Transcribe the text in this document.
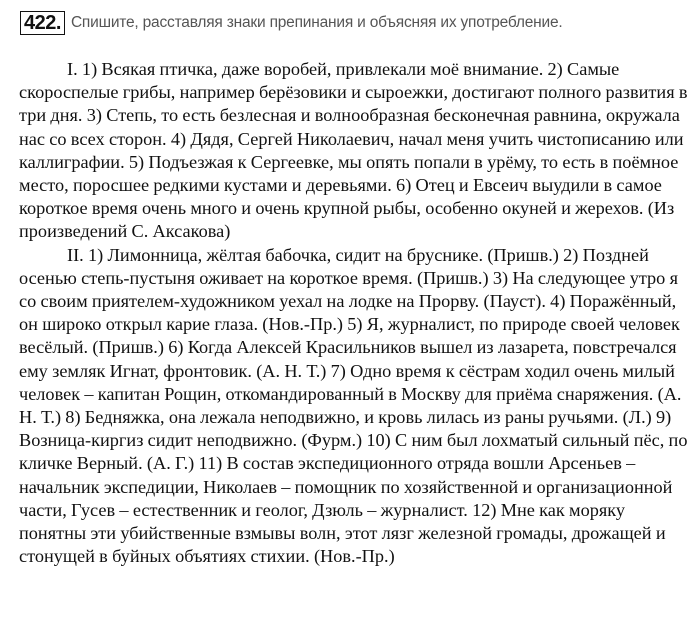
422. Спишите, расставляя знаки препинания и объясняя их употребление.

I. 1) Всякая птичка, даже воробей, привлекали моё внимание. 2) Самые скороспелые грибы, например берёзовики и сыроежки, достигают полного развития в три дня. 3) Степь, то есть безлесная и волнообразная бесконечная равнина, окружала нас со всех сторон. 4) Дядя, Сергей Николаевич, начал меня учить чистописанию или каллиграфии. 5) Подъезжая к Сергеевке, мы опять попали в урёму, то есть в поёмное место, поросшее редкими кустами и деревьями. 6) Отец и Евсеич выудили в самое короткое время очень много и очень крупной рыбы, особенно окуней и жерехов. (Из произведений С. Аксакова)

II. 1) Лимонница, жёлтая бабочка, сидит на бруснике. (Пришв.) 2) Поздней осенью степь-пустыня оживает на короткое время. (Пришв.) 3) На следующее утро я со своим приятелем-художником уехал на лодке на Прорву. (Пауст). 4) Поражённый, он широко открыл карие глаза. (Нов.-Пр.) 5) Я, журналист, по природе своей человек весёлый. (Пришв.) 6) Когда Алексей Красильников вышел из лазарета, повстречался ему земляк Игнат, фронтовик. (А. Н. Т.) 7) Одно время к сёстрам ходил очень милый человек – капитан Рощин, откомандированный в Москву для приёма снаряжения. (А. Н. Т.) 8) Бедняжка, она лежала неподвижно, и кровь лилась из раны ручьями. (Л.) 9) Возница-киргиз сидит неподвижно. (Фурм.) 10) С ним был лохматый сильный пёс, по кличке Верный. (А. Г.) 11) В состав экспедиционного отряда вошли Арсеньев – начальник экспедиции, Николаев – помощник по хозяйственной и организационной части, Гусев – естественник и геолог, Дзюль – журналист. 12) Мне как моряку понятны эти убийственные взмывы волн, этот лязг железной громады, дрожащей и стонущей в буйных объятиях стихии. (Нов.-Пр.)
